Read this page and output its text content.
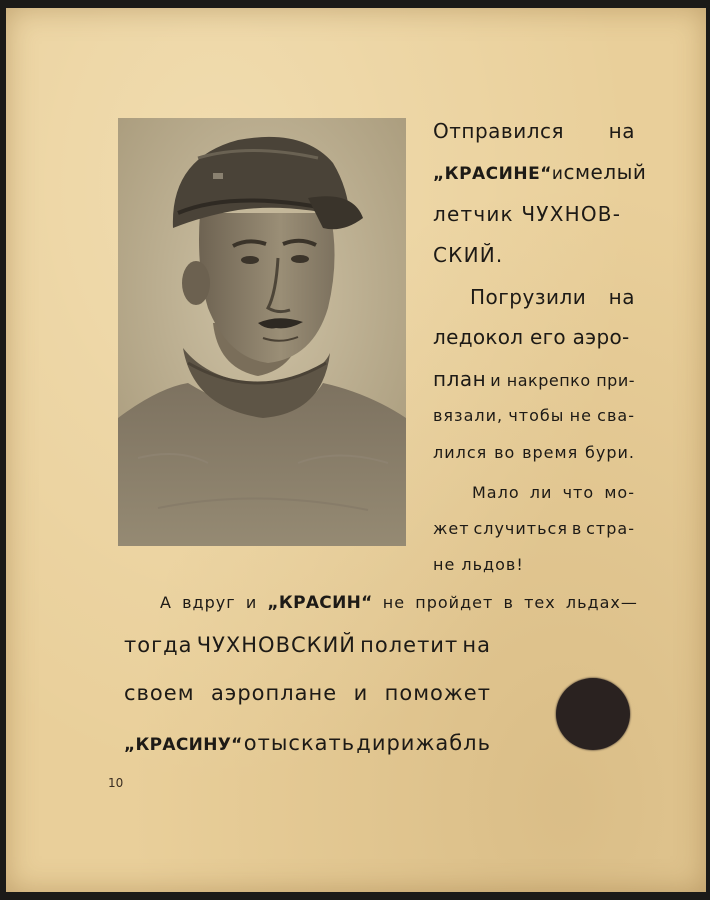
Отправился на
„КРАСИНЕ“ и смелый
летчик ЧУХНОВ-
СКИЙ.
Погрузили на
ледокол его аэро-
план и накрепко при-
вязали, чтобы не сва-
лился во время бури.
Мало ли что мо-
жет случиться в стра-
не льдов!
А вдруг и „КРАСИН“ не пройдет в тех льдах—
тогда ЧУХНОВСКИЙ полетит на
своем аэроплане и поможет
„КРАСИНУ“ отыскать дирижабль
10
